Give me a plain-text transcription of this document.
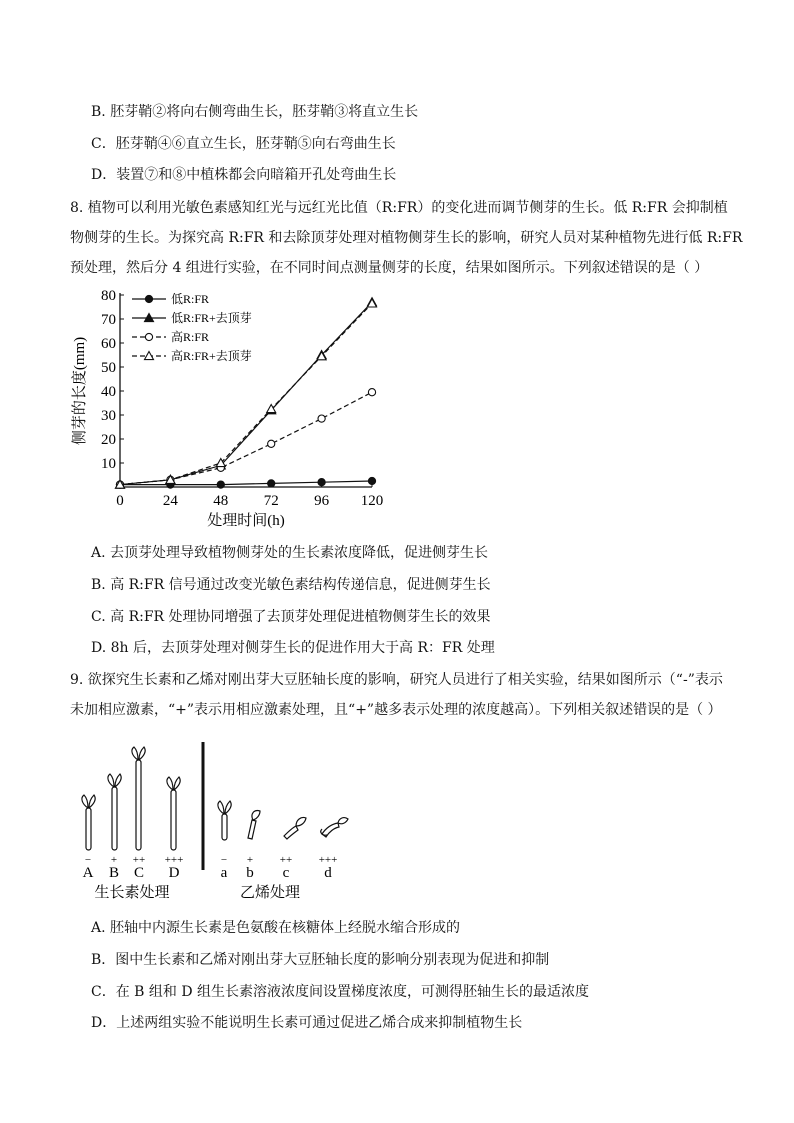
B. 胚芽鞘②将向右侧弯曲生长，胚芽鞘③将直立生长
C．胚芽鞘④⑥直立生长，胚芽鞘⑤向右弯曲生长
D．装置⑦和⑧中植株都会向暗箱开孔处弯曲生长
8. 植物可以利用光敏色素感知红光与远红光比值（R:FR）的变化进而调节侧芽的生长。低 R:FR 会抑制植
物侧芽的生长。为探究高 R:FR 和去除顶芽处理对植物侧芽生长的影响，研究人员对某种植物先进行低 R:FR
预处理，然后分 4 组进行实验，在不同时间点测量侧芽的长度，结果如图所示。下列叙述错误的是（ ）
0	24 48 72 96 120
10
20
30
40
50
60
70
80
处理时间(h)
侧芽的长度(mm)
低R:FR
低R:FR+去顶芽
高R:FR
高R:FR+去顶芽
A. 去顶芽处理导致植物侧芽处的生长素浓度降低，促进侧芽生长
B. 高 R:FR 信号通过改变光敏色素结构传递信息，促进侧芽生长
C. 高 R:FR 处理协同增强了去顶芽处理促进植物侧芽生长的效果
D. 8h 后，去顶芽处理对侧芽生长的促进作用大于高 R：FR 处理
9. 欲探究生长素和乙烯对刚出芽大豆胚轴长度的影响，研究人员进行了相关实验，结果如图所示（“-”表示
未加相应激素，“+”表示用相应激素处理，且“+”越多表示处理的浓度越高）。下列相关叙述错误的是（ ）
− + ++ +++	− + ++ +++
A B C D	a b c d
生长素处理	乙烯处理
A. 胚轴中内源生长素是色氨酸在核糖体上经脱水缩合形成的
B．图中生长素和乙烯对刚出芽大豆胚轴长度的影响分别表现为促进和抑制
C．在 B 组和 D 组生长素溶液浓度间设置梯度浓度，可测得胚轴生长的最适浓度
D．上述两组实验不能说明生长素可通过促进乙烯合成来抑制植物生长
